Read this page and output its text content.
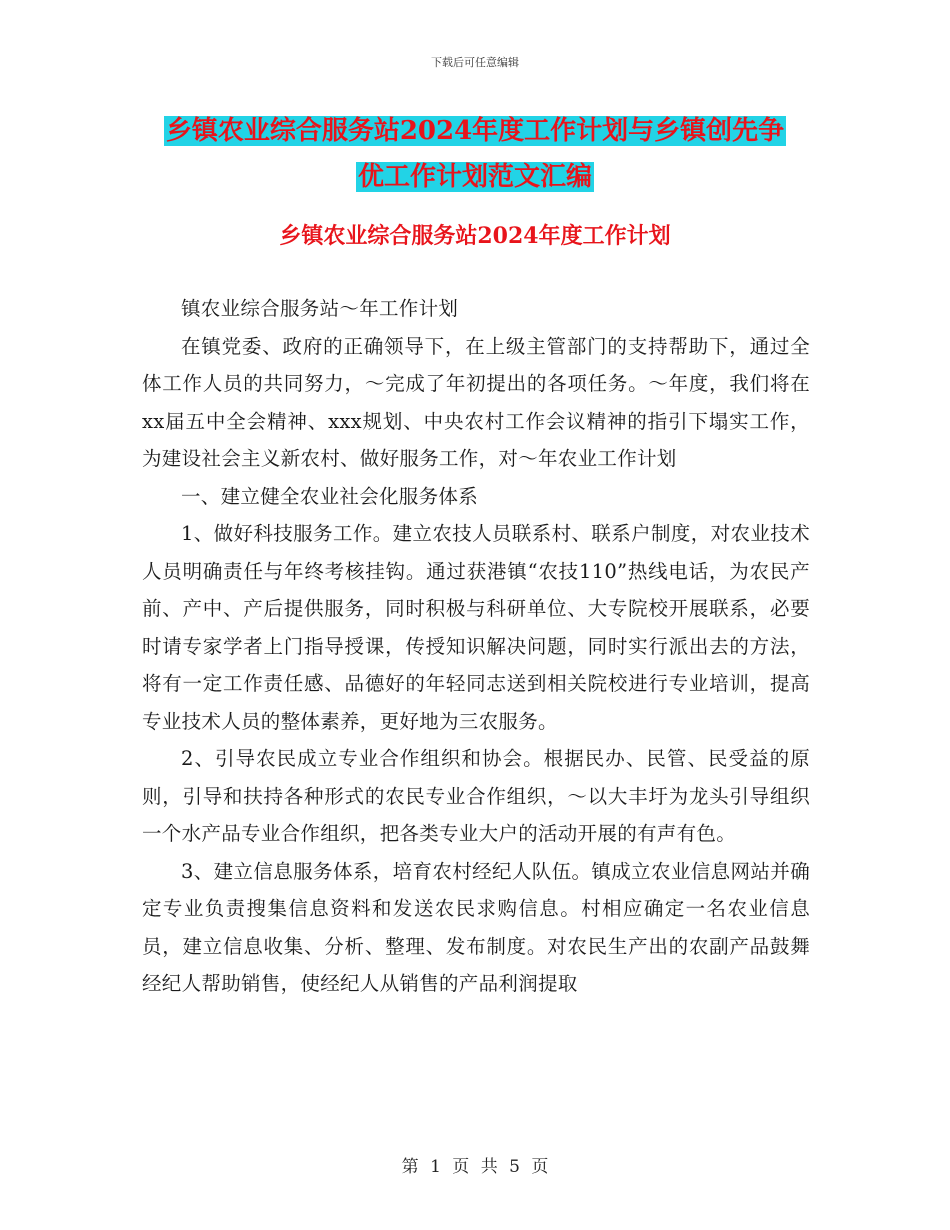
下载后可任意编辑
乡镇农业综合服务站2024年度工作计划与乡镇创先争
优工作计划范文汇编
乡镇农业综合服务站2024年度工作计划

镇农业综合服务站～年工作计划

在镇党委、政府的正确领导下，在上级主管部门的支持帮助下，通过全体工作人员的共同努力，～完成了年初提出的各项任务。～年度，我们将在xx届五中全会精神、xxx规划、中央农村工作会议精神的指引下塌实工作，为建设社会主义新农村、做好服务工作，对～年农业工作计划

一、建立健全农业社会化服务体系

1、做好科技服务工作。建立农技人员联系村、联系户制度，对农业技术人员明确责任与年终考核挂钩。通过获港镇“农技110”热线电话，为农民产前、产中、产后提供服务，同时积极与科研单位、大专院校开展联系，必要时请专家学者上门指导授课，传授知识解决问题，同时实行派出去的方法，将有一定工作责任感、品德好的年轻同志送到相关院校进行专业培训，提高专业技术人员的整体素养，更好地为三农服务。

2、引导农民成立专业合作组织和协会。根据民办、民管、民受益的原则，引导和扶持各种形式的农民专业合作组织，～以大丰圩为龙头引导组织一个水产品专业合作组织，把各类专业大户的活动开展的有声有色。

3、建立信息服务体系，培育农村经纪人队伍。镇成立农业信息网站并确定专业负责搜集信息资料和发送农民求购信息。村相应确定一名农业信息员，建立信息收集、分析、整理、发布制度。对农民生产出的农副产品鼓舞经纪人帮助销售，使经纪人从销售的产品利润提取

第 1 页 共 5 页
